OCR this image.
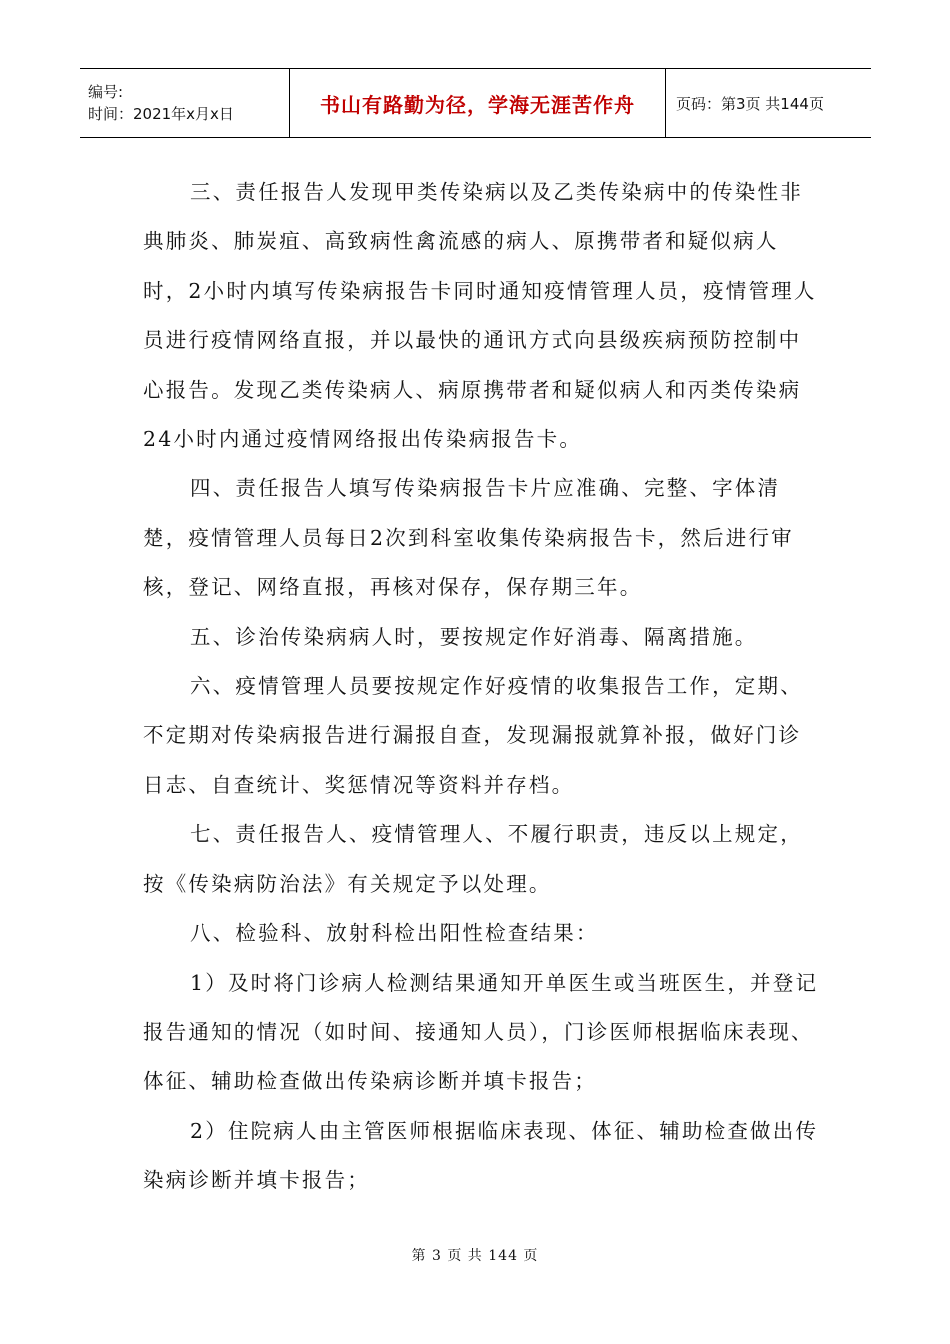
编号:
时间：2021年x月x日	书山有路勤为径，学海无涯苦作舟	页码：第3页 共144页

三、责任报告人发现甲类传染病以及乙类传染病中的传染性非典肺炎、肺炭疽、高致病性禽流感的病人、原携带者和疑似病人时，2小时内填写传染病报告卡同时通知疫情管理人员，疫情管理人员进行疫情网络直报，并以最快的通讯方式向县级疾病预防控制中心报告。发现乙类传染病人、病原携带者和疑似病人和丙类传染病24小时内通过疫情网络报出传染病报告卡。

四、责任报告人填写传染病报告卡片应准确、完整、字体清楚，疫情管理人员每日2次到科室收集传染病报告卡，然后进行审核，登记、网络直报，再核对保存，保存期三年。

五、诊治传染病病人时，要按规定作好消毒、隔离措施。

六、疫情管理人员要按规定作好疫情的收集报告工作，定期、不定期对传染病报告进行漏报自查，发现漏报就算补报，做好门诊日志、自查统计、奖惩情况等资料并存档。

七、责任报告人、疫情管理人、不履行职责，违反以上规定，按《传染病防治法》有关规定予以处理。

八、检验科、放射科检出阳性检查结果：

1）及时将门诊病人检测结果通知开单医生或当班医生，并登记报告通知的情况（如时间、接通知人员），门诊医师根据临床表现、体征、辅助检查做出传染病诊断并填卡报告；

2）住院病人由主管医师根据临床表现、体征、辅助检查做出传染病诊断并填卡报告；

第 3 页 共 144 页
